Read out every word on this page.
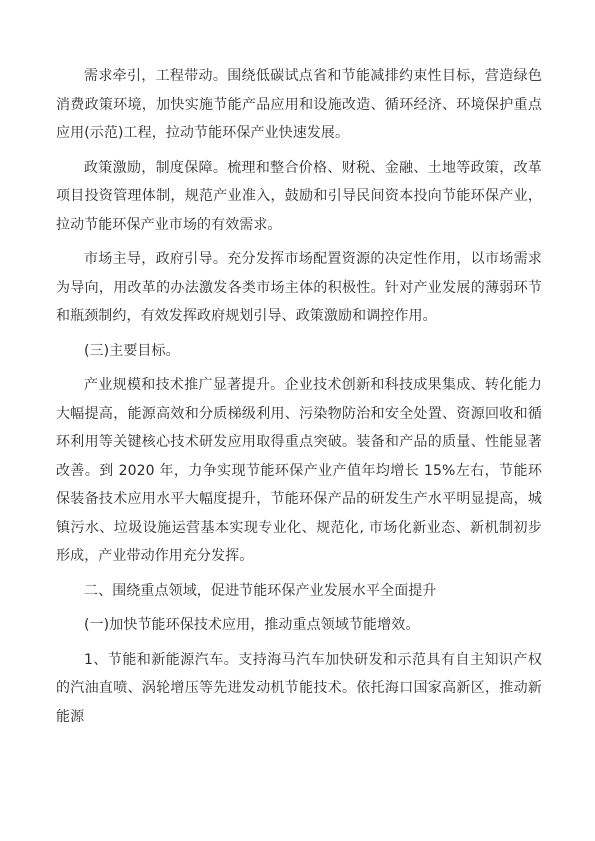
需求牵引，工程带动。围绕低碳试点省和节能减排约束性目标，营造绿色消费政策环境，加快实施节能产品应用和设施改造、循环经济、环境保护重点应用(示范)工程，拉动节能环保产业快速发展。

政策激励，制度保障。梳理和整合价格、财税、金融、土地等政策，改革项目投资管理体制，规范产业准入，鼓励和引导民间资本投向节能环保产业，拉动节能环保产业市场的有效需求。

市场主导，政府引导。充分发挥市场配置资源的决定性作用，以市场需求为导向，用改革的办法激发各类市场主体的积极性。针对产业发展的薄弱环节和瓶颈制约，有效发挥政府规划引导、政策激励和调控作用。

(三)主要目标。

产业规模和技术推广显著提升。企业技术创新和科技成果集成、转化能力大幅提高，能源高效和分质梯级利用、污染物防治和安全处置、资源回收和循环利用等关键核心技术研发应用取得重点突破。装备和产品的质量、性能显著改善。到 2020 年，力争实现节能环保产业产值年均增长 15%左右，节能环保装备技术应用水平大幅度提升，节能环保产品的研发生产水平明显提高，城镇污水、垃圾设施运营基本实现专业化、规范化, 市场化新业态、新机制初步形成，产业带动作用充分发挥。

二、围绕重点领域，促进节能环保产业发展水平全面提升

(一)加快节能环保技术应用，推动重点领域节能增效。

1、节能和新能源汽车。支持海马汽车加快研发和示范具有自主知识产权的汽油直喷、涡轮增压等先进发动机节能技术。依托海口国家高新区，推动新能源
